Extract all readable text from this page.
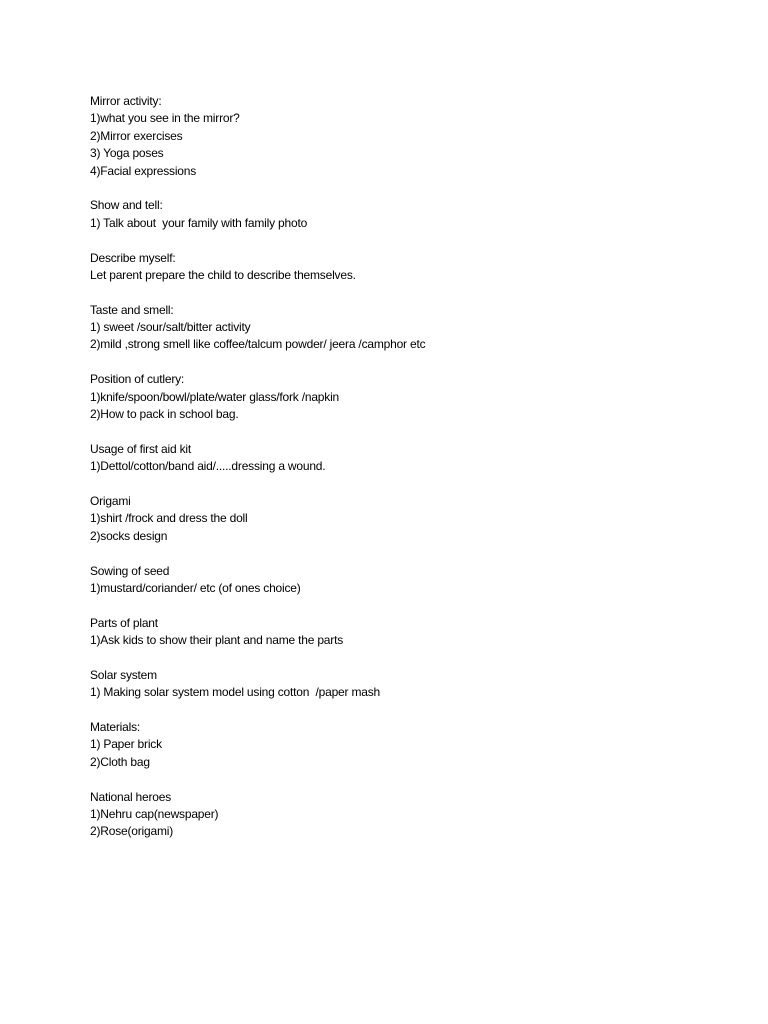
Mirror activity:
1)what you see in the mirror?
2)Mirror exercises
3) Yoga poses
4)Facial expressions
Show and tell:
1) Talk about  your family with family photo
Describe myself:
Let parent prepare the child to describe themselves.
Taste and smell:
1) sweet /sour/salt/bitter activity
2)mild ,strong smell like coffee/talcum powder/ jeera /camphor etc
Position of cutlery:
1)knife/spoon/bowl/plate/water glass/fork /napkin
2)How to pack in school bag.
Usage of first aid kit
1)Dettol/cotton/band aid/.....dressing a wound.
Origami
1)shirt /frock and dress the doll
2)socks design
Sowing of seed
1)mustard/coriander/ etc (of ones choice)
Parts of plant
1)Ask kids to show their plant and name the parts
Solar system
1) Making solar system model using cotton  /paper mash
Materials:
1) Paper brick
2)Cloth bag
National heroes
1)Nehru cap(newspaper)
2)Rose(origami)
